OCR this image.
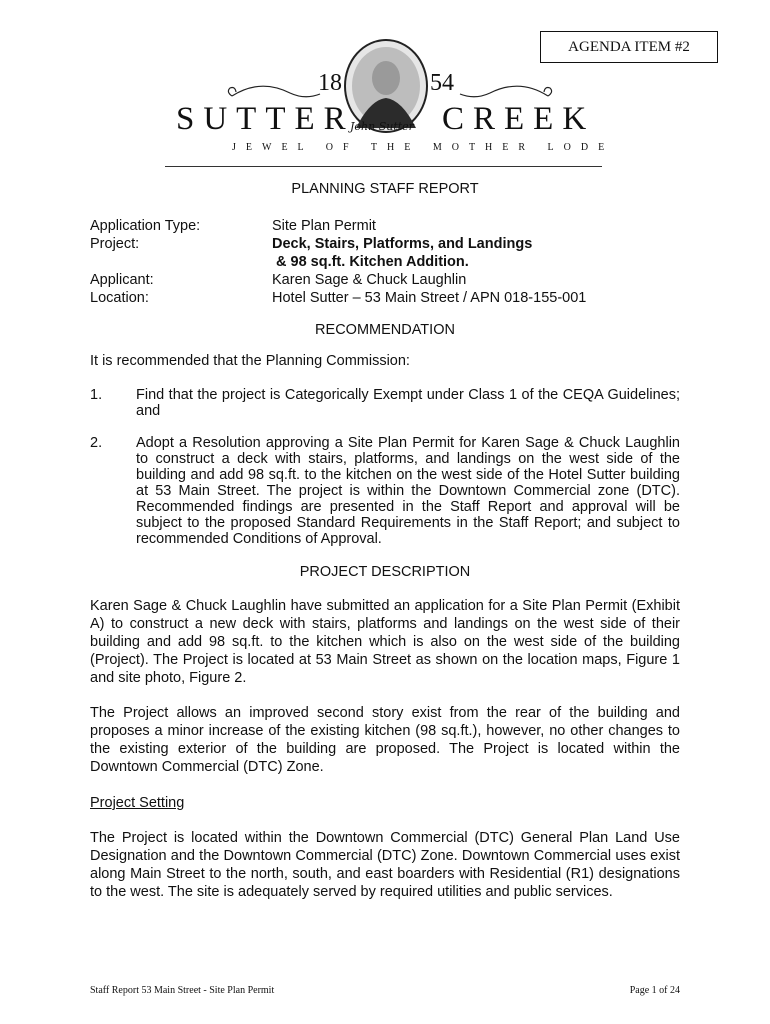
AGENDA ITEM #2
18	54
SUTTER
John Sutter CREEK
JEWEL OF THE MOTHER LODE
PLANNING STAFF REPORT
Application Type:	Site Plan Permit
Project:	Deck, Stairs, Platforms, and Landings
& 98 sq.ft. Kitchen Addition.
Applicant:	Karen Sage & Chuck Laughlin
Location:	Hotel Sutter – 53 Main Street / APN 018-155-001
RECOMMENDATION
It is recommended that the Planning Commission:
1. Find that the project is Categorically Exempt under Class 1 of the CEQA Guidelines; and
2. Adopt a Resolution approving a Site Plan Permit for Karen Sage & Chuck Laughlin to construct a deck with stairs, platforms, and landings on the west side of the building and add 98 sq.ft. to the kitchen on the west side of the Hotel Sutter building at 53 Main Street. The project is within the Downtown Commercial zone (DTC). Recommended findings are presented in the Staff Report and approval will be subject to the proposed Standard Requirements in the Staff Report; and subject to recommended Conditions of Approval.
PROJECT DESCRIPTION
Karen Sage & Chuck Laughlin have submitted an application for a Site Plan Permit (Exhibit A) to construct a new deck with stairs, platforms and landings on the west side of their building and add 98 sq.ft. to the kitchen which is also on the west side of the building (Project). The Project is located at 53 Main Street as shown on the location maps, Figure 1 and site photo, Figure 2.
The Project allows an improved second story exist from the rear of the building and proposes a minor increase of the existing kitchen (98 sq.ft.), however, no other changes to the existing exterior of the building are proposed. The Project is located within the Downtown Commercial (DTC) Zone.
Project Setting
The Project is located within the Downtown Commercial (DTC) General Plan Land Use Designation and the Downtown Commercial (DTC) Zone. Downtown Commercial uses exist along Main Street to the north, south, and east boarders with Residential (R1) designations to the west. The site is adequately served by required utilities and public services.
Staff Report 53 Main Street - Site Plan Permit	Page 1 of 24
